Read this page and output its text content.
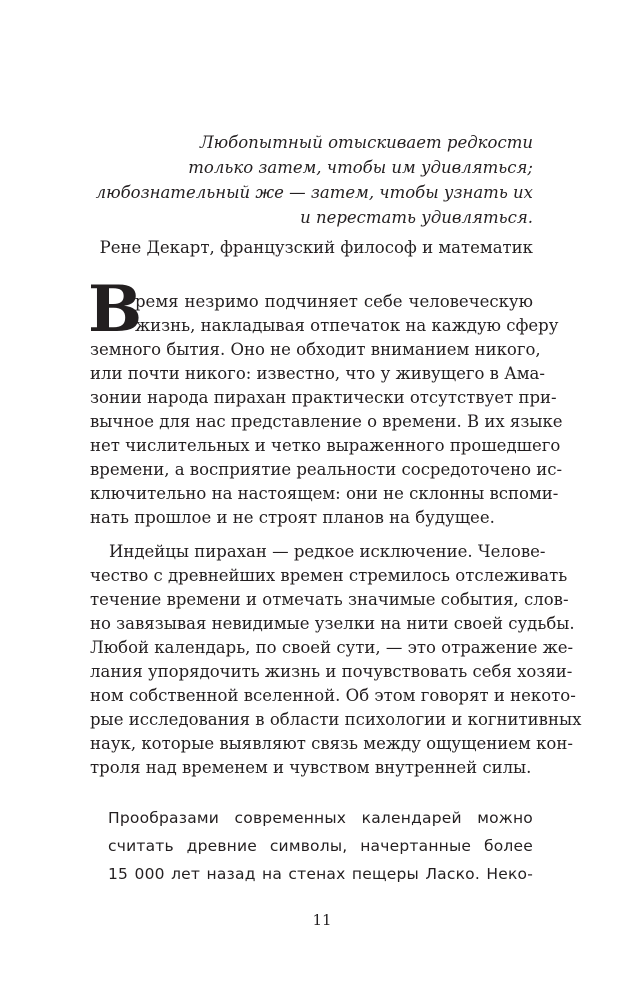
Любопытный отыскивает редкости
только затем, чтобы им удивляться;
любознательный же — затем, чтобы узнать их
и перестать удивляться.
Рене Декарт, французский философ и математик
В
ремя незримо подчиняет себе человеческую
жизнь, накладывая отпечаток на каждую сферу
земного бытия. Оно не обходит вниманием никого,
или почти никого: известно, что у живущего в Ама-
зонии народа пирахан практически отсутствует при-
вычное для нас представление о времени. В их языке
нет числительных и четко выраженного прошедшего
времени, а восприятие реальности сосредоточено ис-
ключительно на настоящем: они не склонны вспоми-
нать прошлое и не строят планов на будущее.
Индейцы пирахан — редкое исключение. Челове-
чество с древнейших времен стремилось отслеживать
течение времени и отмечать значимые события, слов-
но завязывая невидимые узелки на нити своей судьбы.
Любой календарь, по своей сути, — это отражение же-
лания упорядочить жизнь и почувствовать себя хозяи-
ном собственной вселенной. Об этом говорят и некото-
рые исследования в области психологии и когнитивных
наук, которые выявляют связь между ощущением кон-
троля над временем и чувством внутренней силы.
Прообразами современных календарей можно
считать древние символы, начертанные более
15 000 лет назад на стенах пещеры Ласко. Неко-
11
